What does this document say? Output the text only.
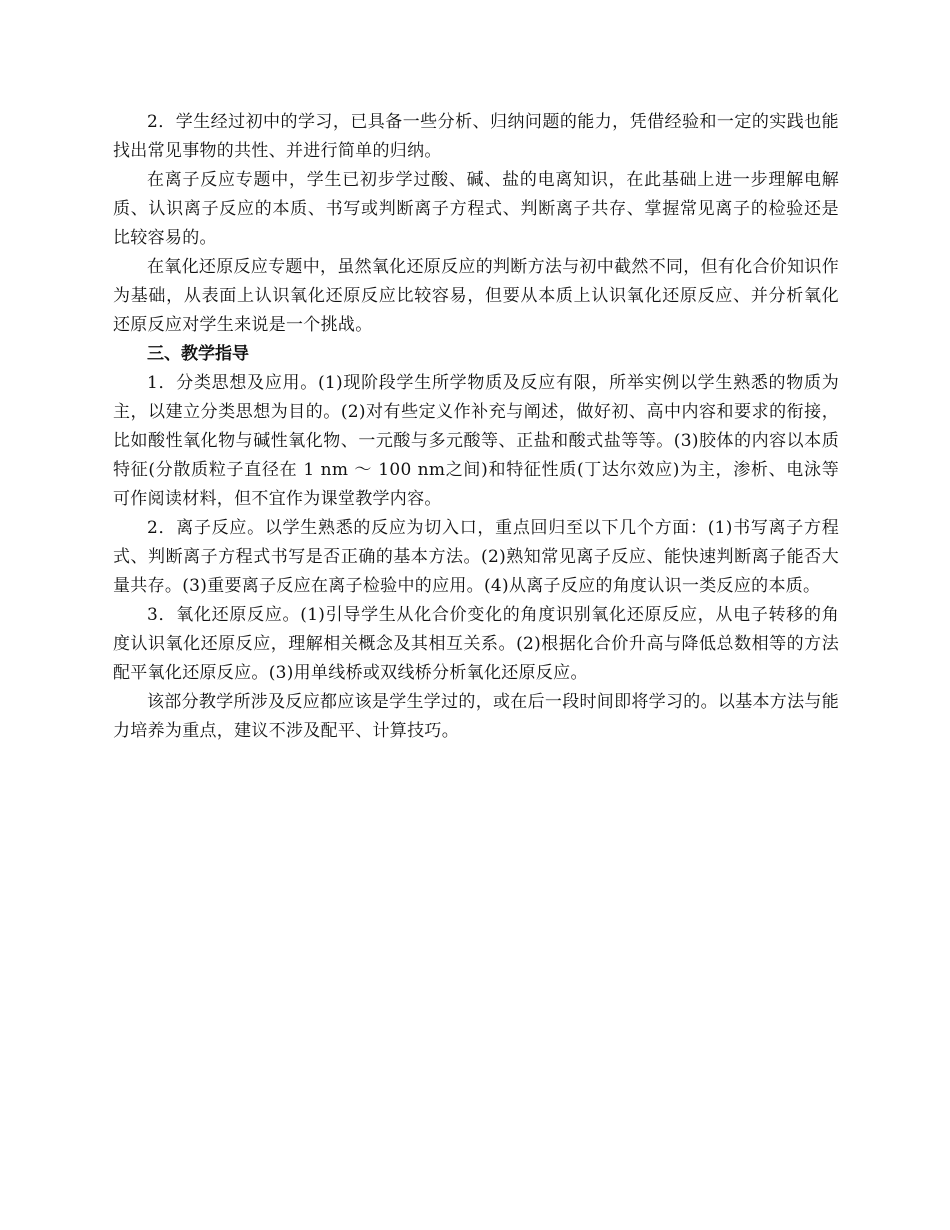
2．学生经过初中的学习，已具备一些分析、归纳问题的能力，凭借经验和一定的实践也能找出常见事物的共性、并进行简单的归纳。

在离子反应专题中，学生已初步学过酸、碱、盐的电离知识，在此基础上进一步理解电解质、认识离子反应的本质、书写或判断离子方程式、判断离子共存、掌握常见离子的检验还是比较容易的。

在氧化还原反应专题中，虽然氧化还原反应的判断方法与初中截然不同，但有化合价知识作为基础，从表面上认识氧化还原反应比较容易，但要从本质上认识氧化还原反应、并分析氧化还原反应对学生来说是一个挑战。

三、教学指导

1．分类思想及应用。(1)现阶段学生所学物质及反应有限，所举实例以学生熟悉的物质为主，以建立分类思想为目的。(2)对有些定义作补充与阐述，做好初、高中内容和要求的衔接，比如酸性氧化物与碱性氧化物、一元酸与多元酸等、正盐和酸式盐等等。(3)胶体的内容以本质特征(分散质粒子直径在 1 nm ～ 100 nm之间)和特征性质(丁达尔效应)为主，渗析、电泳等可作阅读材料，但不宜作为课堂教学内容。

2．离子反应。以学生熟悉的反应为切入口，重点回归至以下几个方面：(1)书写离子方程式、判断离子方程式书写是否正确的基本方法。(2)熟知常见离子反应、能快速判断离子能否大量共存。(3)重要离子反应在离子检验中的应用。(4)从离子反应的角度认识一类反应的本质。

3．氧化还原反应。(1)引导学生从化合价变化的角度识别氧化还原反应，从电子转移的角度认识氧化还原反应，理解相关概念及其相互关系。(2)根据化合价升高与降低总数相等的方法配平氧化还原反应。(3)用单线桥或双线桥分析氧化还原反应。

该部分教学所涉及反应都应该是学生学过的，或在后一段时间即将学习的。以基本方法与能力培养为重点，建议不涉及配平、计算技巧。
